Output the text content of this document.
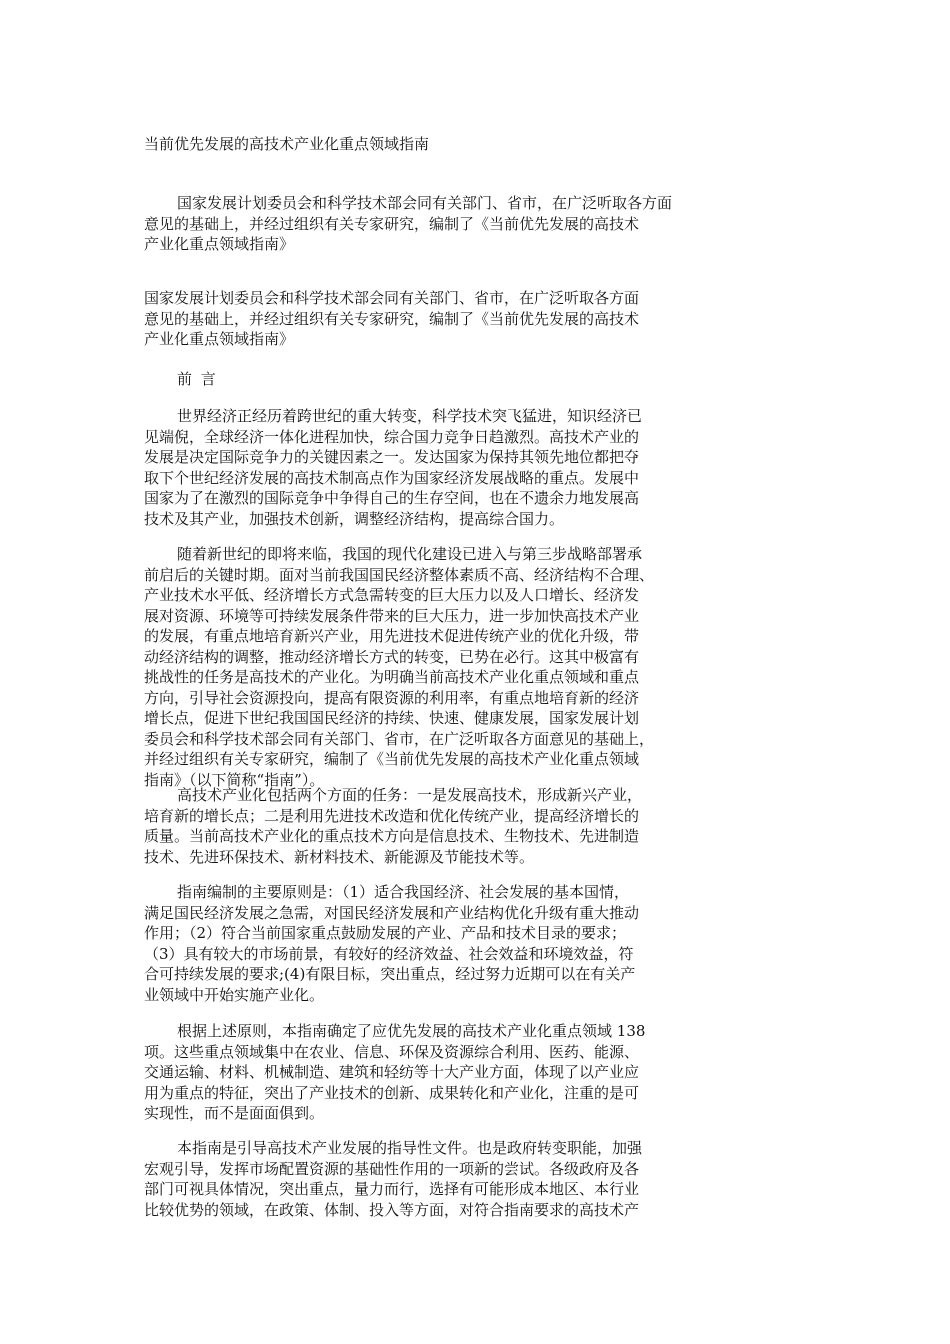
当前优先发展的高技术产业化重点领域指南
国家发展计划委员会和科学技术部会同有关部门、省市，在广泛听取各方面
意见的基础上，并经过组织有关专家研究，编制了《当前优先发展的高技术
产业化重点领域指南》
国家发展计划委员会和科学技术部会同有关部门、省市，在广泛听取各方面
意见的基础上，并经过组织有关专家研究，编制了《当前优先发展的高技术
产业化重点领域指南》
前 言
世界经济正经历着跨世纪的重大转变，科学技术突飞猛进，知识经济已
见端倪，全球经济一体化进程加快，综合国力竞争日趋激烈。高技术产业的
发展是决定国际竞争力的关键因素之一。发达国家为保持其领先地位都把夺
取下个世纪经济发展的高技术制高点作为国家经济发展战略的重点。发展中
国家为了在激烈的国际竞争中争得自己的生存空间，也在不遗余力地发展高
技术及其产业，加强技术创新，调整经济结构，提高综合国力。
随着新世纪的即将来临，我国的现代化建设已进入与第三步战略部署承
前启后的关键时期。面对当前我国国民经济整体素质不高、经济结构不合理、
产业技术水平低、经济增长方式急需转变的巨大压力以及人口增长、经济发
展对资源、环境等可持续发展条件带来的巨大压力，进一步加快高技术产业
的发展，有重点地培育新兴产业，用先进技术促进传统产业的优化升级，带
动经济结构的调整，推动经济增长方式的转变，已势在必行。这其中极富有
挑战性的任务是高技术的产业化。为明确当前高技术产业化重点领域和重点
方向，引导社会资源投向，提高有限资源的利用率，有重点地培育新的经济
增长点，促进下世纪我国国民经济的持续、快速、健康发展，国家发展计划
委员会和科学技术部会同有关部门、省市，在广泛听取各方面意见的基础上，
并经过组织有关专家研究，编制了《当前优先发展的高技术产业化重点领域
指南》（以下简称“指南”）。
高技术产业化包括两个方面的任务：一是发展高技术，形成新兴产业，
培育新的增长点；二是利用先进技术改造和优化传统产业，提高经济增长的
质量。当前高技术产业化的重点技术方向是信息技术、生物技术、先进制造
技术、先进环保技术、新材料技术、新能源及节能技术等。
指南编制的主要原则是：（1）适合我国经济、社会发展的基本国情，
满足国民经济发展之急需，对国民经济发展和产业结构优化升级有重大推动
作用；（2）符合当前国家重点鼓励发展的产业、产品和技术目录的要求；
（3）具有较大的市场前景，有较好的经济效益、社会效益和环境效益，符
合可持续发展的要求;(4)有限目标，突出重点，经过努力近期可以在有关产
业领域中开始实施产业化。
根据上述原则，本指南确定了应优先发展的高技术产业化重点领域 138
项。这些重点领域集中在农业、信息、环保及资源综合利用、医药、能源、
交通运输、材料、机械制造、建筑和轻纺等十大产业方面，体现了以产业应
用为重点的特征，突出了产业技术的创新、成果转化和产业化，注重的是可
实现性，而不是面面俱到。
本指南是引导高技术产业发展的指导性文件。也是政府转变职能，加强
宏观引导，发挥市场配置资源的基础性作用的一项新的尝试。各级政府及各
部门可视具体情况，突出重点，量力而行，选择有可能形成本地区、本行业
比较优势的领域，在政策、体制、投入等方面，对符合指南要求的高技术产
